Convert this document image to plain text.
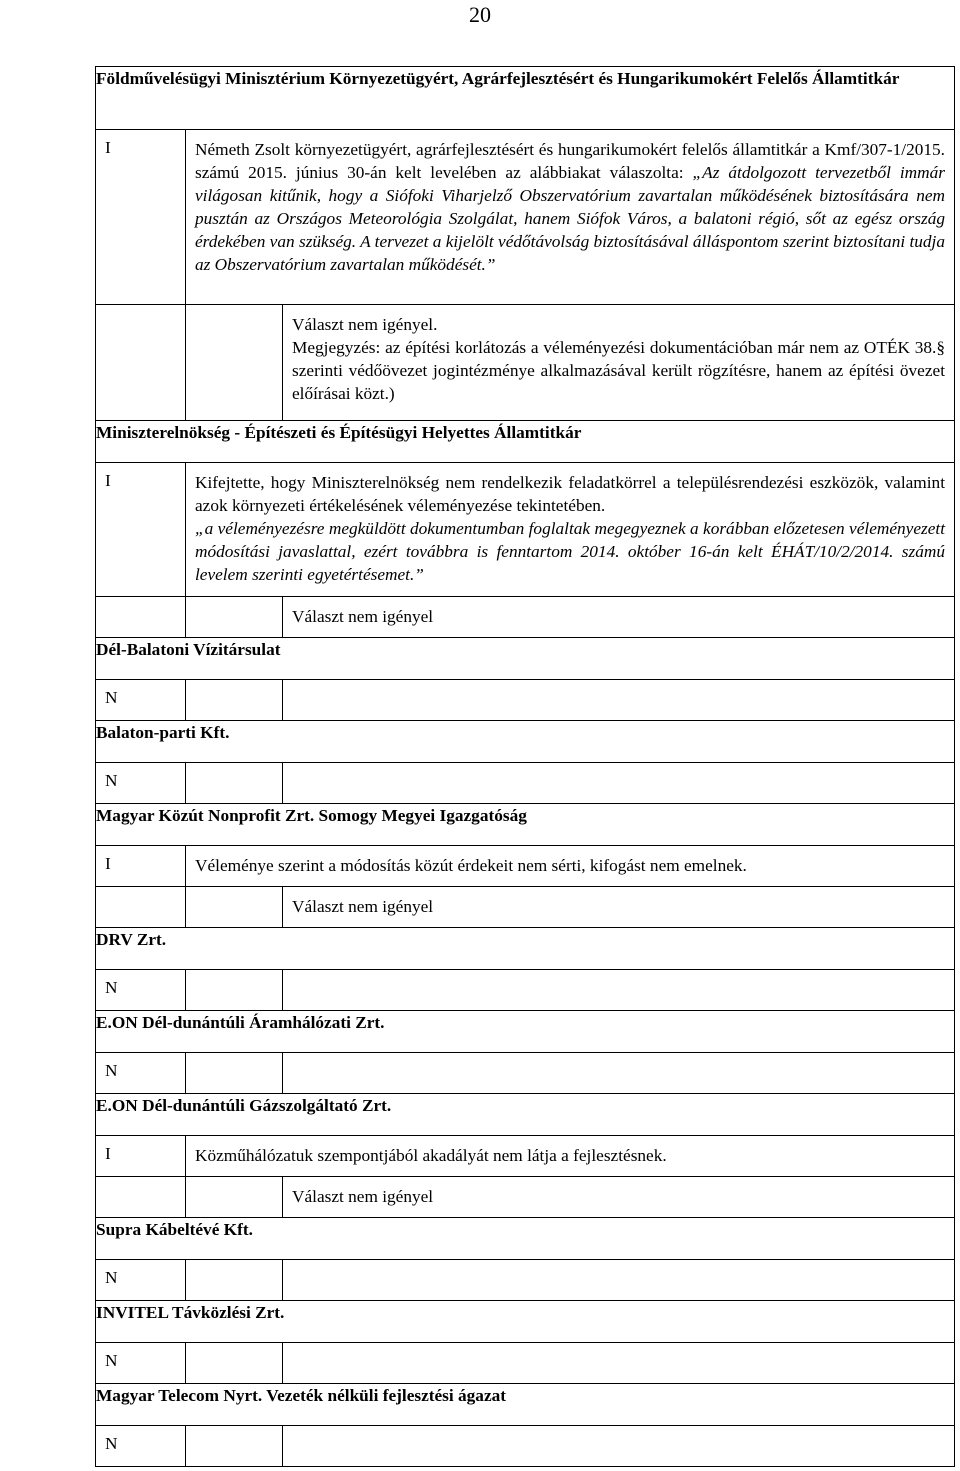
20
Földművelésügyi Minisztérium Környezetügyért, Agrárfejlesztésért és Hungarikumokért Felelős Államtitkár		
I	Németh Zsolt környezetügyért, agrárfejlesztésért és hungarikumokért felelős államtitkár a Kmf/307-1/2015. számú 2015. június 30-án kelt levelében az alábbiakat válaszolta: „Az átdolgozott tervezetből immár világosan kitűnik, hogy a Siófoki Viharjelző Obszervatórium zavartalan működésének biztosítására nem pusztán az Országos Meteorológia Szolgálat, hanem Siófok Város, a balatoni régió, sőt az egész ország érdekében van szükség. A tervezet a kijelölt védőtávolság biztosításával álláspontom szerint biztosítani tudja az Obszervatórium zavartalan működését.”	

		Választ nem igényel.
Megjegyzés: az építési korlátozás a véleményezési dokumentációban már nem az OTÉK 38.§ szerinti védőövezet jogintézménye alkalmazásával került rögzítésre, hanem az építési övezet előírásai közt.)

Miniszterelnökség - Építészeti és Építésügyi Helyettes Államtitkár		
I	Kifejtette, hogy Miniszterelnökség nem rendelkezik feladatkörrel a településrendezési eszközök, valamint azok környezeti értékelésének véleményezése tekintetében.
„a véleményezésre megküldött dokumentumban foglaltak megegyeznek a korábban előzetesen véleményezett módosítási javaslattal, ezért továbbra is fenntartom 2014. október 16-án kelt ÉHÁT/10/2/2014. számú levelem szerinti egyetértésemet.”	

		Választ nem igényel
Dél-Balatoni Vízitársulat		
N		
Balaton-parti Kft.		
N		
Magyar Közút Nonprofit Zrt. Somogy Megyei Igazgatóság		
I	Véleménye szerint a módosítás közút érdekeit nem sérti, kifogást nem emelnek.	
		Választ nem igényel
DRV Zrt.		
N		
E.ON Dél-dunántúli Áramhálózati Zrt.		
N		
E.ON Dél-dunántúli Gázszolgáltató Zrt.		
I	Közműhálózatuk szempontjából akadályát nem látja a fejlesztésnek.	
		Választ nem igényel
Supra Kábeltévé Kft.		
N		
INVITEL Távközlési Zrt.		
N		
Magyar Telecom Nyrt. Vezeték nélküli fejlesztési ágazat		
N		
